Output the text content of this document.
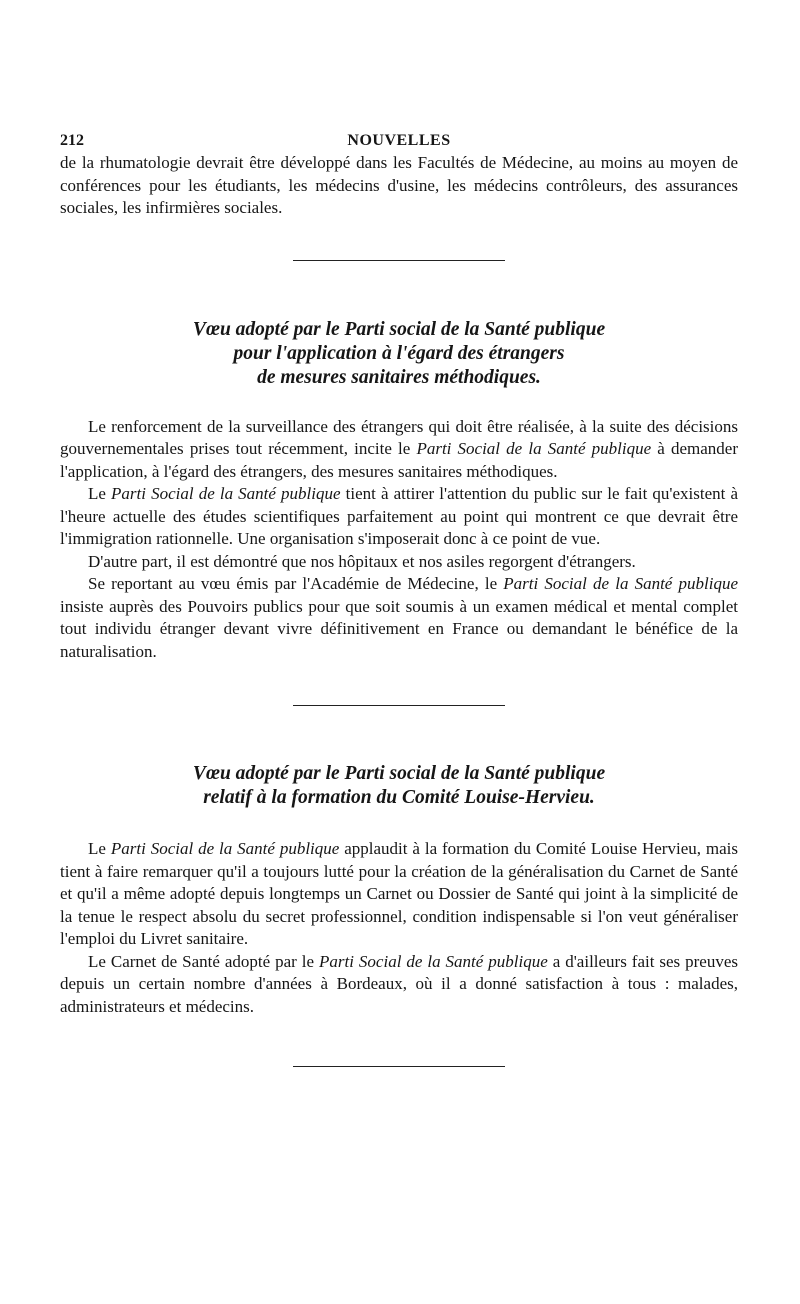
212	NOUVELLES

de la rhumatologie devrait être développé dans les Facultés de Médecine, au moins au moyen de conférences pour les étudiants, les médecins d'usine, les médecins contrôleurs, des assurances sociales, les infirmières sociales.

Vœu adopté par le Parti social de la Santé publique
pour l'application à l'égard des étrangers
de mesures sanitaires méthodiques.

Le renforcement de la surveillance des étrangers qui doit être réalisée, à la suite des décisions gouvernementales prises tout récemment, incite le Parti Social de la Santé publique à demander l'application, à l'égard des étrangers, des mesures sanitaires méthodiques.

Le Parti Social de la Santé publique tient à attirer l'attention du public sur le fait qu'existent à l'heure actuelle des études scientifiques parfaitement au point qui montrent ce que devrait être l'immigration rationnelle. Une organisation s'imposerait donc à ce point de vue.

D'autre part, il est démontré que nos hôpitaux et nos asiles regorgent d'étrangers.

Se reportant au vœu émis par l'Académie de Médecine, le Parti Social de la Santé publique insiste auprès des Pouvoirs publics pour que soit soumis à un examen médical et mental complet tout individu étranger devant vivre définitivement en France ou demandant le bénéfice de la naturalisation.

Vœu adopté par le Parti social de la Santé publique
relatif à la formation du Comité Louise-Hervieu.

Le Parti Social de la Santé publique applaudit à la formation du Comité Louise Hervieu, mais tient à faire remarquer qu'il a toujours lutté pour la création de la généralisation du Carnet de Santé et qu'il a même adopté depuis longtemps un Carnet ou Dossier de Santé qui joint à la simplicité de la tenue le respect absolu du secret professionnel, condition indispensable si l'on veut généraliser l'emploi du Livret sanitaire.

Le Carnet de Santé adopté par le Parti Social de la Santé publique a d'ailleurs fait ses preuves depuis un certain nombre d'années à Bordeaux, où il a donné satisfaction à tous : malades, administrateurs et médecins.
